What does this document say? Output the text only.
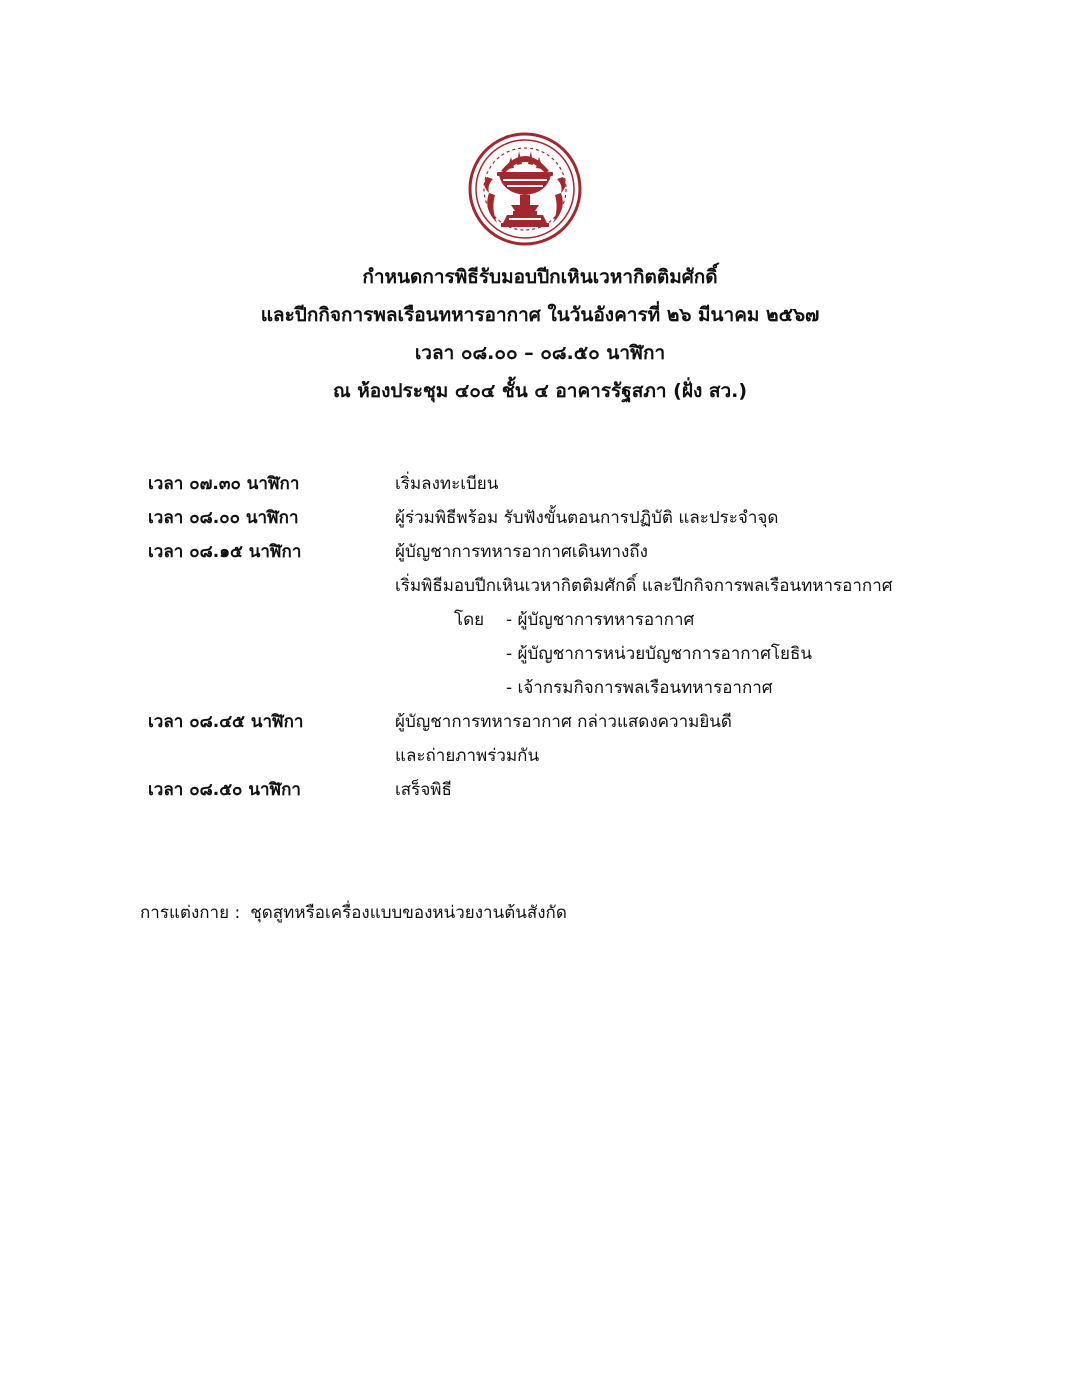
กำหนดการพิธีรับมอบปีกเหินเวหากิตติมศักดิ์
และปีกกิจการพลเรือนทหารอากาศ ในวันอังคารที่ ๒๖ มีนาคม ๒๕๖๗
เวลา ๐๘.๐๐ – ๐๘.๕๐ นาฬิกา
ณ ห้องประชุม ๔๐๔ ชั้น ๔ อาคารรัฐสภา (ฝั่ง สว.)
เวลา ๐๗.๓๐ นาฬิกา	เริ่มลงทะเบียน
เวลา ๐๘.๐๐ นาฬิกา	ผู้ร่วมพิธีพร้อม รับฟังขั้นตอนการปฏิบัติ และประจำจุด
เวลา ๐๘.๑๕ นาฬิกา	ผู้บัญชาการทหารอากาศเดินทางถึง
เริ่มพิธีมอบปีกเหินเวหากิตติมศักดิ์ และปีกกิจการพลเรือนทหารอากาศ
โดย - ผู้บัญชาการทหารอากาศ
- ผู้บัญชาการหน่วยบัญชาการอากาศโยธิน
- เจ้ากรมกิจการพลเรือนทหารอากาศ
เวลา ๐๘.๔๕ นาฬิกา	ผู้บัญชาการทหารอากาศ กล่าวแสดงความยินดี
และถ่ายภาพร่วมกัน
เวลา ๐๘.๕๐ นาฬิกา	เสร็จพิธี
การแต่งกาย : ชุดสูทหรือเครื่องแบบของหน่วยงานต้นสังกัด
